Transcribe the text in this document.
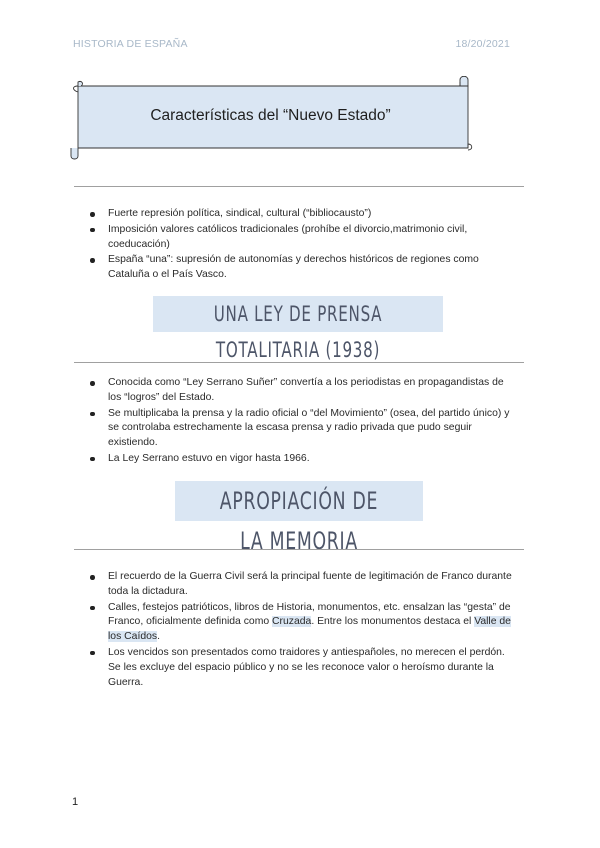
HISTORIA DE ESPAÑA	18/20/2021
Características del “Nuevo Estado”
Fuerte represión política, sindical, cultural (“bibliocausto”)
Imposición valores católicos tradicionales (prohíbe el divorcio,matrimonio civil, coeducación)
España “una”: supresión de autonomías y derechos históricos de regiones como Cataluña o el País Vasco.
UNA LEY DE PRENSA TOTALITARIA (1938)
Conocida como “Ley Serrano Suñer” convertía a los periodistas en propagandistas de los “logros” del Estado.
Se multiplicaba la prensa y la radio oficial o “del Movimiento” (osea, del partido único) y se controlaba estrechamente la escasa prensa y radio privada que pudo seguir existiendo.
La Ley Serrano estuvo en vigor hasta 1966.
APROPIACIÓN DE LA MEMORIA
El recuerdo de la Guerra Civil será la principal fuente de legitimación de Franco durante toda la dictadura.
Calles, festejos patrióticos, libros de Historia, monumentos, etc. ensalzan las “gesta” de Franco, oficialmente definida como Cruzada. Entre los monumentos destaca el Valle de los Caídos.
Los vencidos son presentados como traidores y antiespañoles, no merecen el perdón. Se les excluye del espacio público y no se les reconoce valor o heroísmo durante la Guerra.
1
